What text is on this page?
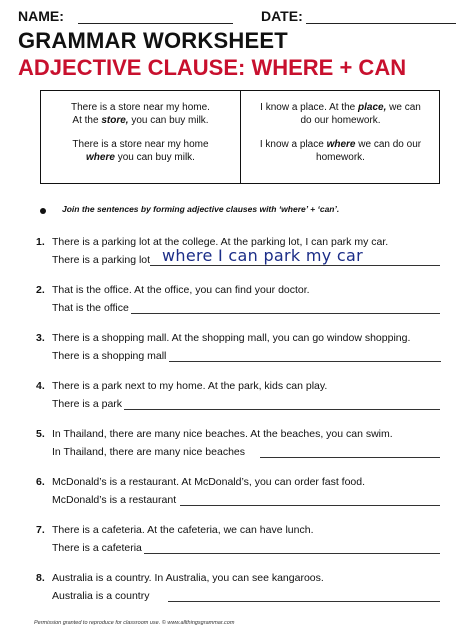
NAME:	DATE:
GRAMMAR WORKSHEET
ADJECTIVE CLAUSE: WHERE + CAN
There is a store near my home.
At the store, you can buy milk.
There is a store near my home
where you can buy milk.
I know a place. At the place, we can
do our homework.
I know a place where we can do our
homework.
Join the sentences by forming adjective clauses with ‘where’ + ‘can’.
1. There is a parking lot at the college. At the parking lot, I can park my car.
There is a parking lot where I can park my car
2. That is the office. At the office, you can find your doctor.
That is the office
3. There is a shopping mall. At the shopping mall, you can go window shopping.
There is a shopping mall
4. There is a park next to my home. At the park, kids can play.
There is a park
5. In Thailand, there are many nice beaches. At the beaches, you can swim.
In Thailand, there are many nice beaches
6. McDonald’s is a restaurant. At McDonald’s, you can order fast food.
McDonald’s is a restaurant
7. There is a cafeteria. At the cafeteria, we can have lunch.
There is a cafeteria
8. Australia is a country. In Australia, you can see kangaroos.
Australia is a country
Permission granted to reproduce for classroom use. © www.allthingsgrammar.com
